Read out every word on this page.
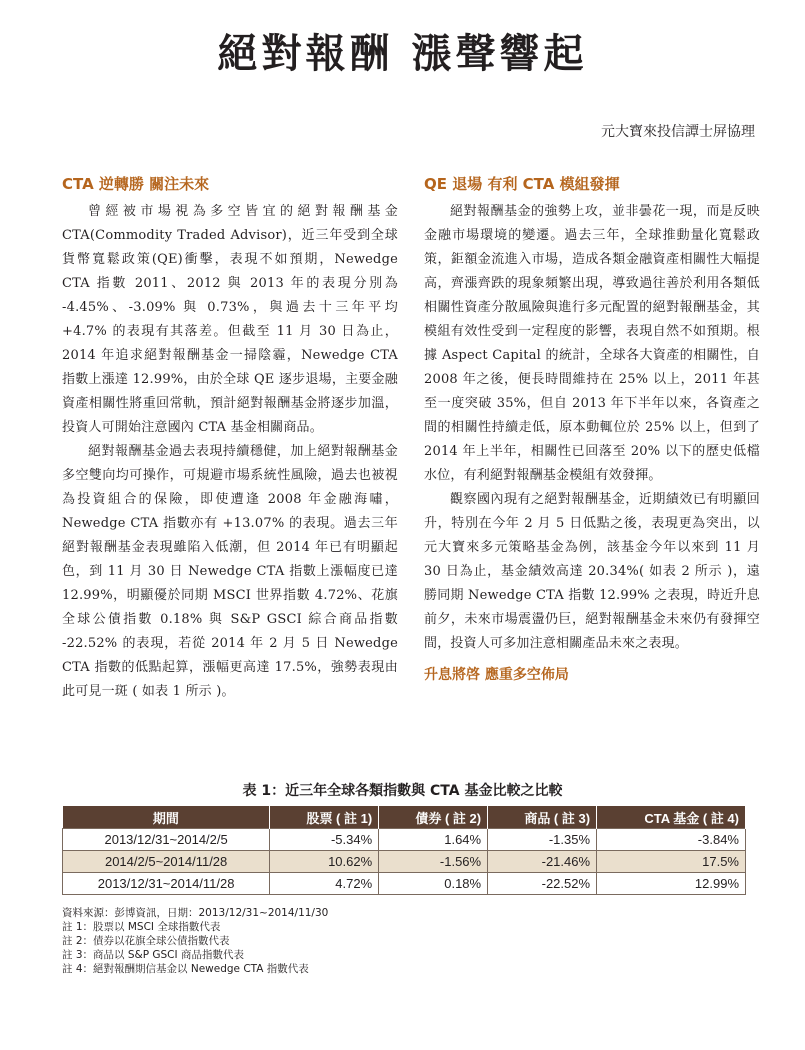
絕對報酬 漲聲響起
元大寶來投信譚士屏協理
CTA 逆轉勝 關注未來

曾經被市場視為多空皆宜的絕對報酬基金CTA(Commodity Traded Advisor)，近三年受到全球貨幣寬鬆政策(QE)衝擊，表現不如預期，Newedge CTA 指數 2011、2012 與 2013 年的表現分別為 -4.45%、-3.09% 與 0.73%，與過去十三年平均 +4.7% 的表現有其落差。但截至 11 月 30 日為止，2014 年追求絕對報酬基金一掃陰霾，Newedge CTA 指數上漲達 12.99%，由於全球 QE 逐步退場，主要金融資產相關性將重回常軌，預計絕對報酬基金將逐步加溫，投資人可開始注意國內 CTA 基金相關商品。

絕對報酬基金過去表現持續穩健，加上絕對報酬基金多空雙向均可操作，可規避市場系統性風險，過去也被視為投資組合的保險，即使遭逢 2008 年金融海嘯，Newedge CTA 指數亦有 +13.07% 的表現。過去三年絕對報酬基金表現雖陷入低潮，但 2014 年已有明顯起色，到 11 月 30 日 Newedge CTA 指數上漲幅度已達 12.99%，明顯優於同期 MSCI 世界指數 4.72%、花旗全球公債指數 0.18% 與 S&P GSCI 綜合商品指數 -22.52% 的表現，若從 2014 年 2 月 5 日 Newedge CTA 指數的低點起算，漲幅更高達 17.5%，強勢表現由此可見一斑 ( 如表 1 所示 )。

QE 退場 有利 CTA 模組發揮

絕對報酬基金的強勢上攻，並非曇花一現，而是反映金融市場環境的變遷。過去三年，全球推動量化寬鬆政策，鉅額金流進入市場，造成各類金融資產相關性大幅提高，齊漲齊跌的現象頻繁出現，導致過往善於利用各類低相關性資產分散風險與進行多元配置的絕對報酬基金，其模組有效性受到一定程度的影響，表現自然不如預期。根據 Aspect Capital 的統計，全球各大資產的相關性，自 2008 年之後，便長時間維持在 25% 以上，2011 年甚至一度突破 35%，但自 2013 年下半年以來，各資產之間的相關性持續走低，原本動輒位於 25% 以上，但到了 2014 年上半年，相關性已回落至 20% 以下的歷史低檔水位，有利絕對報酬基金模組有效發揮。

觀察國內現有之絕對報酬基金，近期績效已有明顯回升，特別在今年 2 月 5 日低點之後，表現更為突出，以元大寶來多元策略基金為例，該基金今年以來到 11 月 30 日為止，基金績效高達 20.34%( 如表 2 所示 )，遠勝同期 Newedge CTA 指數 12.99% 之表現，時近升息前夕，未來市場震盪仍巨，絕對報酬基金未來仍有發揮空間，投資人可多加注意相關產品未來之表現。

升息將啓 應重多空佈局
表 1：近三年全球各類指數與 CTA 基金比較之比較
期間	股票 ( 註 1)	債券 ( 註 2)	商品 ( 註 3)	CTA 基金 ( 註 4)
2013/12/31~2014/2/5	-5.34%	1.64%	-1.35%	-3.84%
2014/2/5~2014/11/28	10.62%	-1.56%	-21.46%	17.5%
2013/12/31~2014/11/28	4.72%	0.18%	-22.52%	12.99%
資料來源：彭博資訊，日期：2013/12/31~2014/11/30
註 1：股票以 MSCI 全球指數代表
註 2：債券以花旗全球公債指數代表
註 3：商品以 S&P GSCI 商品指數代表
註 4：絕對報酬期信基金以 Newedge CTA 指數代表
